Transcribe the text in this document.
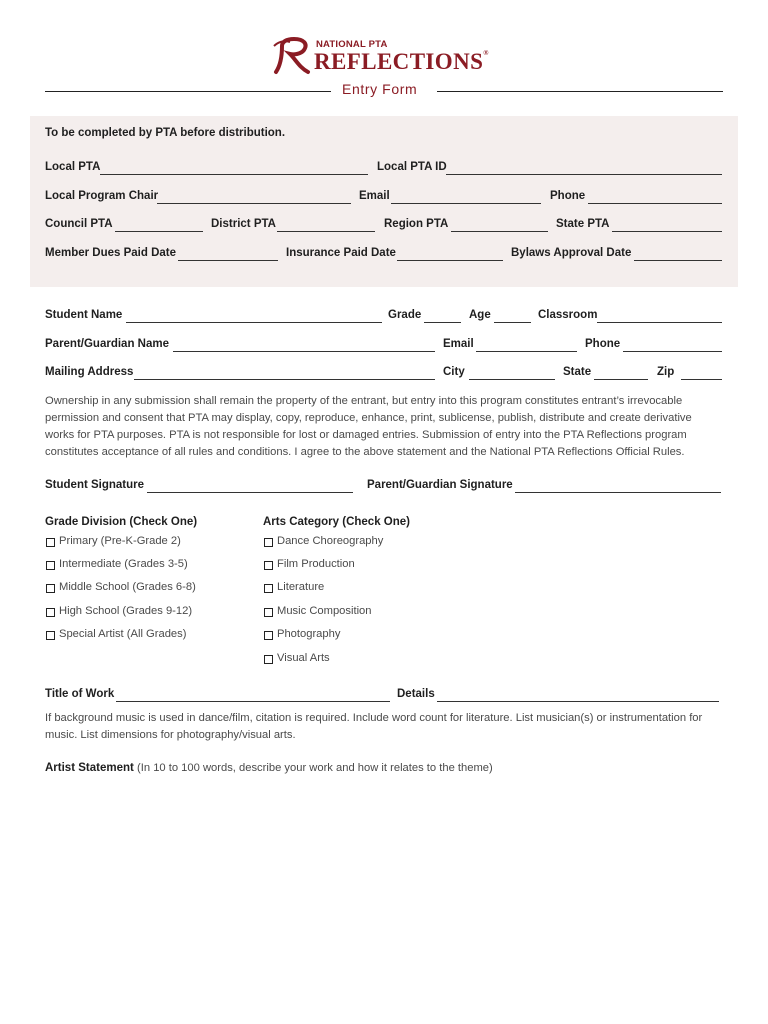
NATIONAL PTA
REFLECTIONS®
Entry Form
To be completed by PTA before distribution.
Local PTA	Local PTA ID
Local Program Chair	Email	Phone
Council PTA	District PTA	Region PTA	State PTA
Member Dues Paid Date	Insurance Paid Date	Bylaws Approval Date
Student Name	Grade	Age	Classroom
Parent/Guardian Name	Email	Phone
Mailing Address	City	State	Zip
Ownership in any submission shall remain the property of the entrant, but entry into this program constitutes entrant’s irrevocable
permission and consent that PTA may display, copy, reproduce, enhance, print, sublicense, publish, distribute and create derivative
works for PTA purposes. PTA is not responsible for lost or damaged entries. Submission of entry into the PTA Reflections program
constitutes acceptance of all rules and conditions. I agree to the above statement and the National PTA Reflections Official Rules.
Student Signature	Parent/Guardian Signature
Grade Division (Check One)
Primary (Pre-K-Grade 2)
Intermediate (Grades 3-5)
Middle School (Grades 6-8)
High School (Grades 9-12)
Special Artist (All Grades)
Arts Category (Check One)
Dance Choreography
Film Production
Literature
Music Composition
Photography
Visual Arts
Title of Work	Details
If background music is used in dance/film, citation is required. Include word count for literature. List musician(s) or instrumentation for
music. List dimensions for photography/visual arts.
Artist Statement (In 10 to 100 words, describe your work and how it relates to the theme)
